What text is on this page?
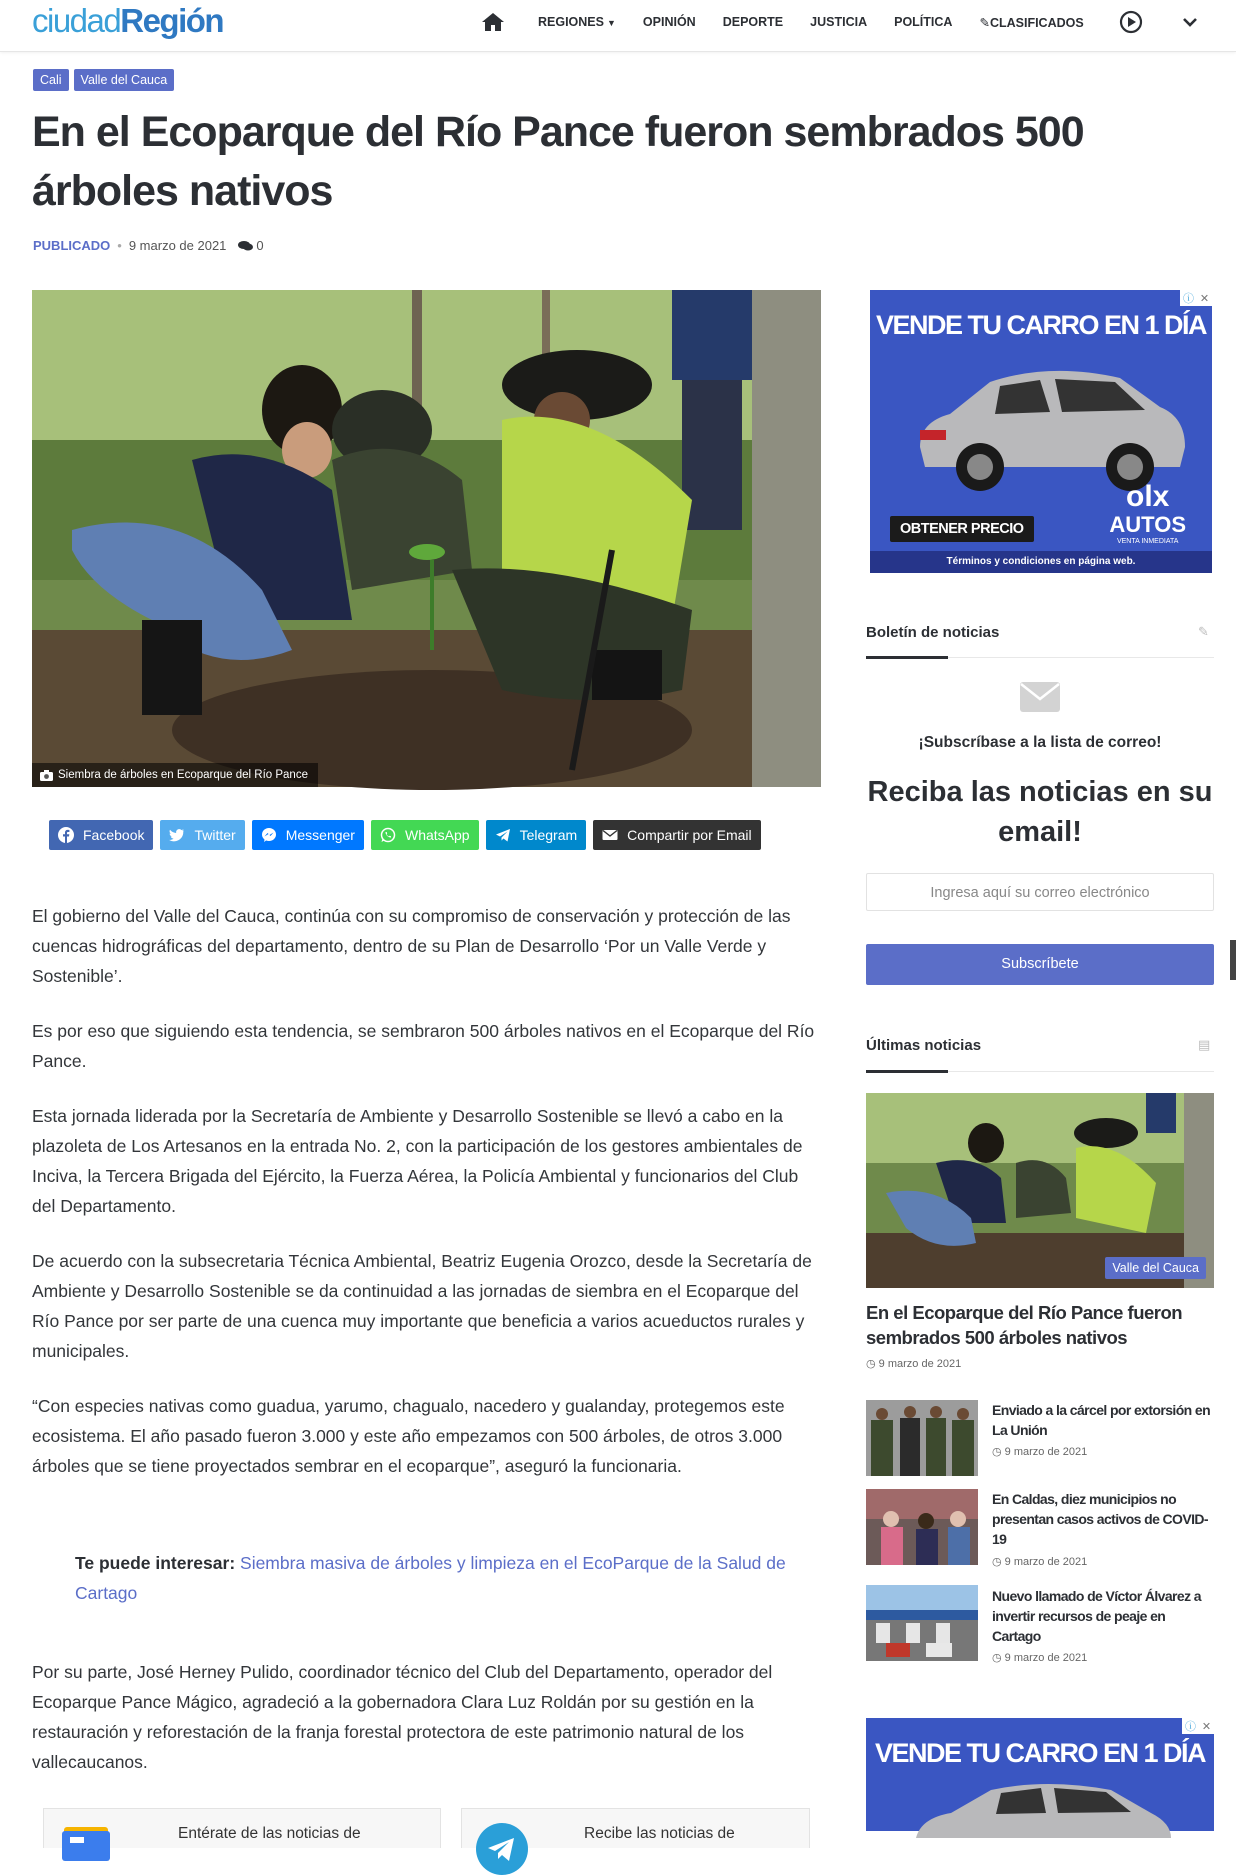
ciudadRegión	REGIONES ▼ OPINIÓN DEPORTE JUSTICIA POLÍTICA ✎CLASIFICADOS
Cali	Valle del Cauca
En el Ecoparque del Río Pance fueron sembrados 500 árboles nativos
PUBLICADO • 9 marzo de 2021 0
Siembra de árboles en Ecoparque del Río Pance
Facebook	Twitter	Messenger	WhatsApp	Telegram	Compartir por Email

El gobierno del Valle del Cauca, continúa con su compromiso de conservación y protección de las cuencas hidrográficas del departamento, dentro de su Plan de Desarrollo ‘Por un Valle Verde y Sostenible’.

Es por eso que siguiendo esta tendencia, se sembraron 500 árboles nativos en el Ecoparque del Río Pance.

Esta jornada liderada por la Secretaría de Ambiente y Desarrollo Sostenible se llevó a cabo en la plazoleta de Los Artesanos en la entrada No. 2, con la participación de los gestores ambientales de Inciva, la Tercera Brigada del Ejército, la Fuerza Aérea, la Policía Ambiental y funcionarios del Club del Departamento.

De acuerdo con la subsecretaria Técnica Ambiental, Beatriz Eugenia Orozco, desde la Secretaría de Ambiente y Desarrollo Sostenible se da continuidad a las jornadas de siembra en el Ecoparque del Río Pance por ser parte de una cuenca muy importante que beneficia a varios acueductos rurales y municipales.

“Con especies nativas como guadua, yarumo, chagualo, nacedero y gualanday, protegemos este ecosistema. El año pasado fueron 3.000 y este año empezamos con 500 árboles, de otros 3.000 árboles que se tiene proyectados sembrar en el ecoparque”, aseguró la funcionaria.

Te puede interesar: Siembra masiva de árboles y limpieza en el EcoParque de la Salud de Cartago
Por su parte, José Herney Pulido, coordinador técnico del Club del Departamento, operador del Ecoparque Pance Mágico, agradeció a la gobernadora Clara Luz Roldán por su gestión en la restauración y reforestación de la franja forestal protectora de este patrimonio natural de los vallecaucanos.
Entérate de las noticias de	Recibe las noticias de
ⓘ ✕
VENDE TU CARRO EN 1 DÍA
OBTENER PRECIO
olx
AUTOS
VENTA INMEDIATA
Términos y condiciones en página web.
Boletín de noticias	✎
¡Subscríbase a la lista de correo!
Reciba las noticias en su email!
Ingresa aquí su correo electrónico
Subscríbete
Últimas noticias	▤
Valle del Cauca
En el Ecoparque del Río Pance fueron sembrados 500 árboles nativos
◷ 9 marzo de 2021
Enviado a la cárcel por extorsión en La Unión
◷ 9 marzo de 2021
En Caldas, diez municipios no presentan casos activos de COVID-19
◷ 9 marzo de 2021
Nuevo llamado de Víctor Álvarez a invertir recursos de peaje en Cartago
◷ 9 marzo de 2021
ⓘ ✕
VENDE TU CARRO EN 1 DÍA
